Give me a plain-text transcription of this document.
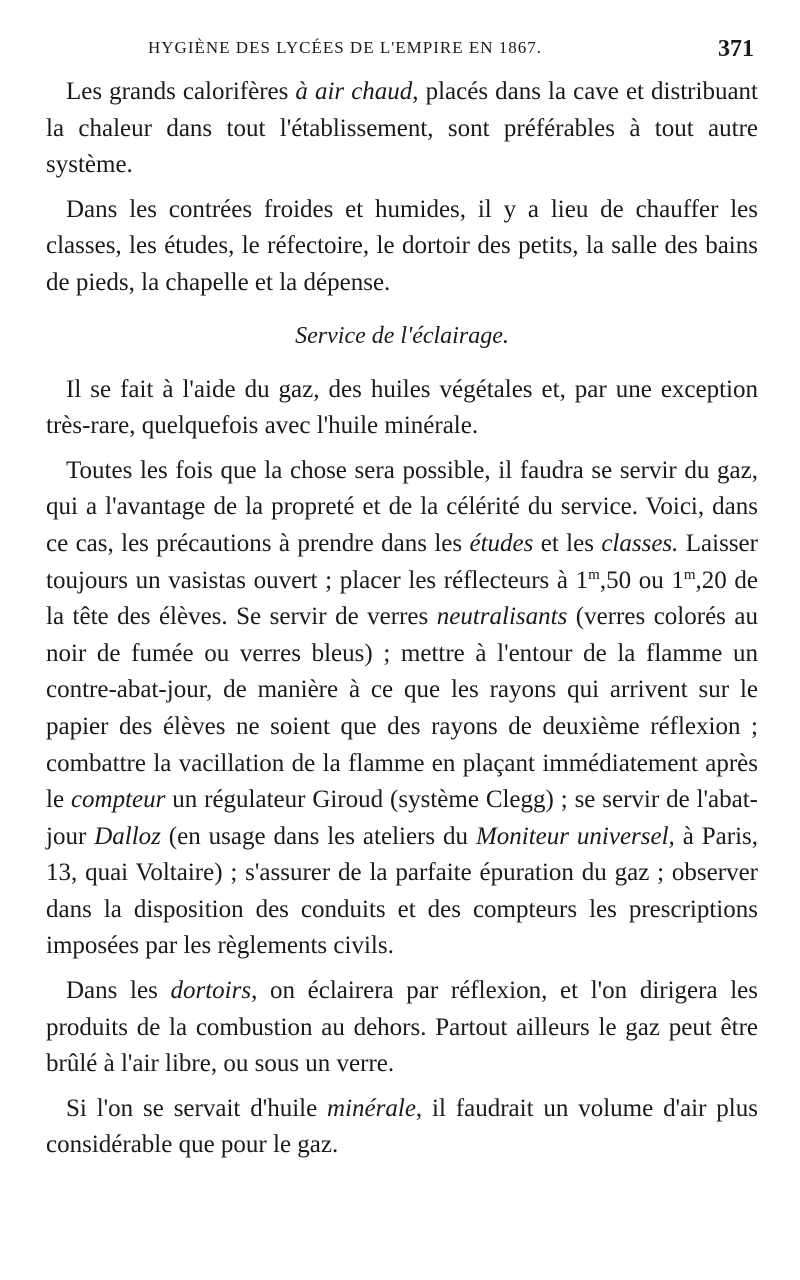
HYGIÈNE DES LYCÉES DE L'EMPIRE EN 1867.	371

Les grands calorifères à air chaud, placés dans la cave et distribuant la chaleur dans tout l'établissement, sont préférables à tout autre système.

Dans les contrées froides et humides, il y a lieu de chauffer les classes, les études, le réfectoire, le dortoir des petits, la salle des bains de pieds, la chapelle et la dépense.

Service de l'éclairage.

Il se fait à l'aide du gaz, des huiles végétales et, par une exception très-rare, quelquefois avec l'huile minérale.

Toutes les fois que la chose sera possible, il faudra se servir du gaz, qui a l'avantage de la propreté et de la célérité du service. Voici, dans ce cas, les précautions à prendre dans les études et les classes. Laisser toujours un vasistas ouvert ; placer les réflecteurs à 1$^m$,50 ou 1$^m$,20 de la tête des élèves. Se servir de verres neutralisants (verres colorés au noir de fumée ou verres bleus) ; mettre à l'entour de la flamme un contre-abat-jour, de manière à ce que les rayons qui arrivent sur le papier des élèves ne soient que des rayons de deuxième réflexion ; combattre la vacillation de la flamme en plaçant immédiatement après le compteur un régulateur Giroud (système Clegg) ; se servir de l'abat-jour Dalloz (en usage dans les ateliers du Moniteur universel, à Paris, 13, quai Voltaire) ; s'assurer de la parfaite épuration du gaz ; observer dans la disposition des conduits et des compteurs les prescriptions imposées par les règlements civils.

Dans les dortoirs, on éclairera par réflexion, et l'on dirigera les produits de la combustion au dehors. Partout ailleurs le gaz peut être brûlé à l'air libre, ou sous un verre.

Si l'on se servait d'huile minérale, il faudrait un volume d'air plus considérable que pour le gaz.
